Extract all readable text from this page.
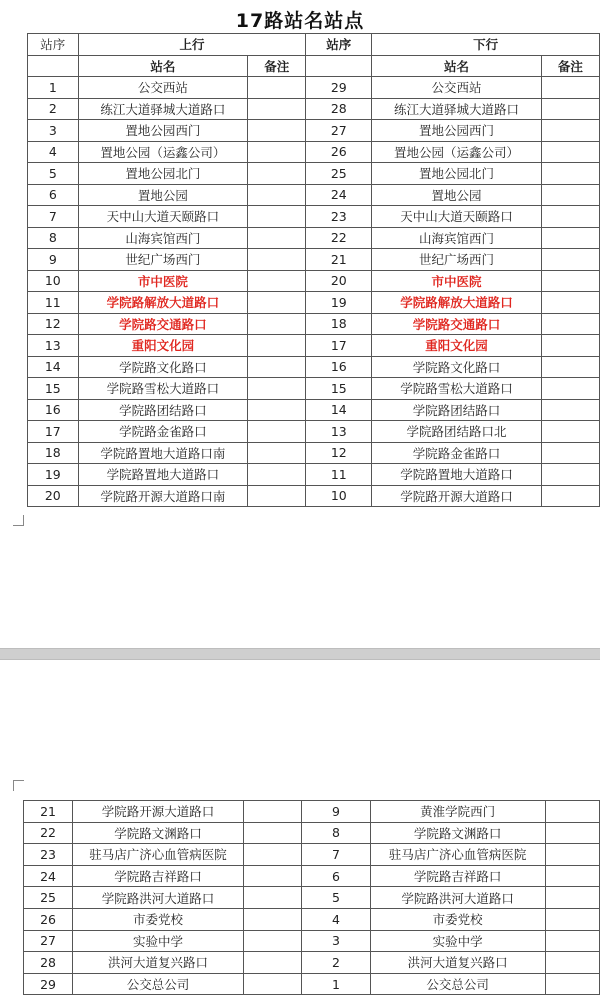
17路站名站点
站序	上行		站序	下行	
	站名	备注		站名	备注
1	公交西站		29	公交西站	
2	练江大道驿城大道路口		28	练江大道驿城大道路口	
3	置地公园西门		27	置地公园西门	
4	置地公园（运鑫公司）		26	置地公园（运鑫公司）	
5	置地公园北门		25	置地公园北门	
6	置地公园		24	置地公园	
7	天中山大道天颐路口		23	天中山大道天颐路口	
8	山海宾馆西门		22	山海宾馆西门	
9	世纪广场西门		21	世纪广场西门	
10	市中医院		20	市中医院	
11	学院路解放大道路口		19	学院路解放大道路口	
12	学院路交通路口		18	学院路交通路口	
13	重阳文化园		17	重阳文化园	
14	学院路文化路口		16	学院路文化路口	
15	学院路雪松大道路口		15	学院路雪松大道路口	
16	学院路团结路口		14	学院路团结路口	
17	学院路金雀路口		13	学院路团结路口北	
18	学院路置地大道路口南		12	学院路金雀路口	
19	学院路置地大道路口		11	学院路置地大道路口	
20	学院路开源大道路口南		10	学院路开源大道路口	
21	学院路开源大道路口		9	黄淮学院西门	
22	学院路文渊路口		8	学院路文渊路口	
23	驻马店广济心血管病医院		7	驻马店广济心血管病医院	
24	学院路吉祥路口		6	学院路吉祥路口	
25	学院路洪河大道路口		5	学院路洪河大道路口	
26	市委党校		4	市委党校	
27	实验中学		3	实验中学	
28	洪河大道复兴路口		2	洪河大道复兴路口	
29	公交总公司		1	公交总公司	
